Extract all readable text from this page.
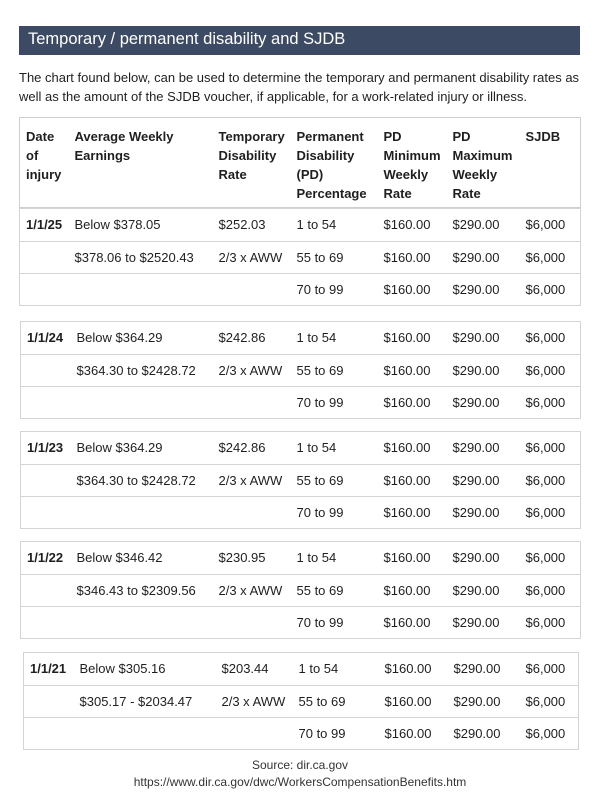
Temporary / permanent disability and SJDB
The chart found below, can be used to determine the temporary and permanent disability rates as well as the amount of the SJDB voucher, if applicable, for a work-related injury or illness.
Date of injury	Average Weekly Earnings	Temporary Disability Rate	Permanent Disability (PD) Percentage	PD Minimum Weekly Rate	PD Maximum Weekly Rate	SJDB
1/1/25	Below $378.05	$252.03	1 to 54	$160.00	$290.00	$6,000
	$378.06 to $2520.43	2/3 x AWW	55 to 69	$160.00	$290.00	$6,000
			70 to 99	$160.00	$290.00	$6,000
1/1/24	Below $364.29	$242.86	1 to 54	$160.00	$290.00	$6,000
	$364.30 to $2428.72	2/3 x AWW	55 to 69	$160.00	$290.00	$6,000
			70 to 99	$160.00	$290.00	$6,000
1/1/23	Below $364.29	$242.86	1 to 54	$160.00	$290.00	$6,000
	$364.30 to $2428.72	2/3 x AWW	55 to 69	$160.00	$290.00	$6,000
			70 to 99	$160.00	$290.00	$6,000
1/1/22	Below $346.42	$230.95	1 to 54	$160.00	$290.00	$6,000
	$346.43 to $2309.56	2/3 x AWW	55 to 69	$160.00	$290.00	$6,000
			70 to 99	$160.00	$290.00	$6,000
1/1/21	Below $305.16	$203.44	1 to 54	$160.00	$290.00	$6,000
	$305.17 - $2034.47	2/3 x AWW	55 to 69	$160.00	$290.00	$6,000
			70 to 99	$160.00	$290.00	$6,000
Source: dir.ca.gov
https://www.dir.ca.gov/dwc/WorkersCompensationBenefits.htm
